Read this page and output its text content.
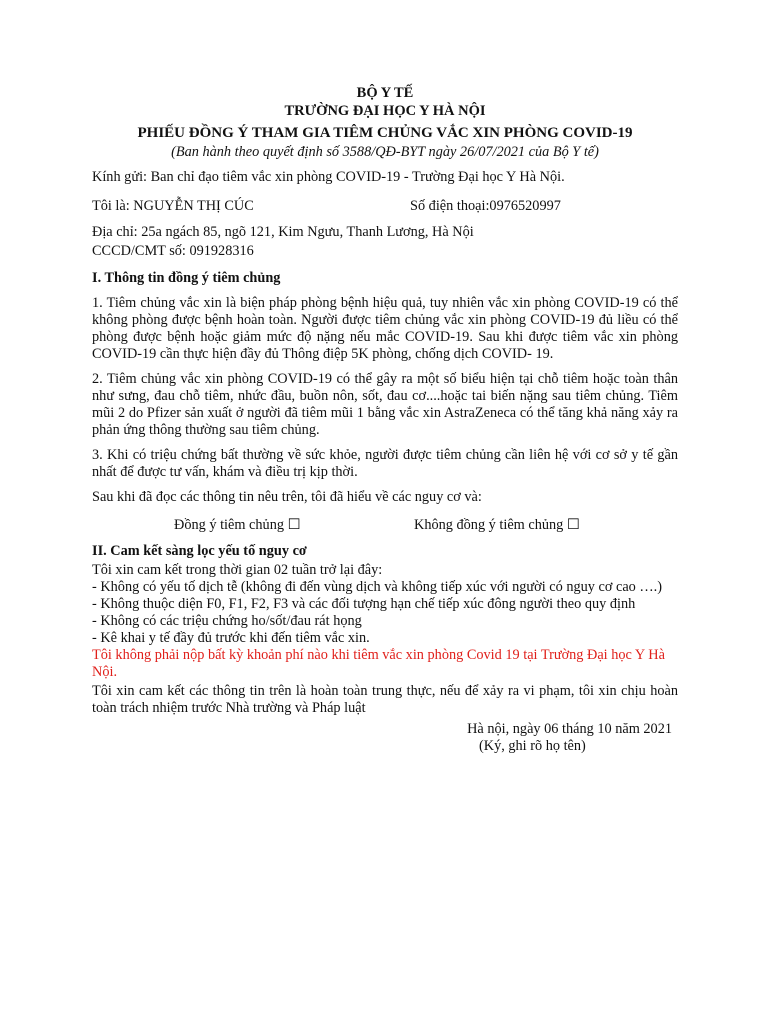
BỘ Y TẾ
TRƯỜNG ĐẠI HỌC Y HÀ NỘI
PHIẾU ĐỒNG Ý THAM GIA TIÊM CHỦNG VẮC XIN PHÒNG COVID-19
(Ban hành theo quyết định số 3588/QĐ-BYT ngày 26/07/2021 của Bộ Y tế)

Kính gửi: Ban chỉ đạo tiêm vắc xin phòng COVID-19 - Trường Đại học Y Hà Nội.

Tôi là: NGUYỄN THỊ CÚC	Số điện thoại:0976520997

Địa chỉ: 25a ngách 85, ngõ 121, Kim Ngưu, Thanh Lương, Hà Nội

CCCD/CMT số: 091928316

I. Thông tin đồng ý tiêm chủng

1. Tiêm chủng vắc xin là biện pháp phòng bệnh hiệu quả, tuy nhiên vắc xin phòng COVID-19 có thể không phòng được bệnh hoàn toàn. Người được tiêm chủng vắc xin phòng COVID-19 đủ liều có thể phòng được bệnh hoặc giảm mức độ nặng nếu mắc COVID-19. Sau khi được tiêm vắc xin phòng COVID-19 cần thực hiện đầy đủ Thông điệp 5K phòng, chống dịch COVID- 19.

2. Tiêm chủng vắc xin phòng COVID-19 có thể gây ra một số biểu hiện tại chỗ tiêm hoặc toàn thân như sưng, đau chỗ tiêm, nhức đầu, buồn nôn, sốt, đau cơ....hoặc tai biến nặng sau tiêm chủng. Tiêm mũi 2 do Pfizer sản xuất ở người đã tiêm mũi 1 bằng vắc xin AstraZeneca có thể tăng khả năng xảy ra phản ứng thông thường sau tiêm chủng.

3. Khi có triệu chứng bất thường về sức khỏe, người được tiêm chủng cần liên hệ với cơ sở y tế gần nhất để được tư vấn, khám và điều trị kịp thời.

Sau khi đã đọc các thông tin nêu trên, tôi đã hiểu về các nguy cơ và:

Đồng ý tiêm chủng ☐	Không đồng ý tiêm chủng ☐
II. Cam kết sàng lọc yếu tố nguy cơ

Tôi xin cam kết trong thời gian 02 tuần trở lại đây:

- Không có yếu tố dịch tễ (không đi đến vùng dịch và không tiếp xúc với người có nguy cơ cao ….)

- Không thuộc diện F0, F1, F2, F3 và các đối tượng hạn chế tiếp xúc đông người theo quy định

- Không có các triệu chứng ho/sốt/đau rát họng

- Kê khai y tế đầy đủ trước khi đến tiêm vắc xin.

Tôi không phải nộp bất kỳ khoản phí nào khi tiêm vắc xin phòng Covid 19 tại Trường Đại học Y Hà Nội.

Tôi xin cam kết các thông tin trên là hoàn toàn trung thực, nếu để xảy ra vi phạm, tôi xin chịu hoàn toàn trách nhiệm trước Nhà trường và Pháp luật

Hà nội, ngày 06 tháng 10 năm 2021
(Ký, ghi rõ họ tên)
